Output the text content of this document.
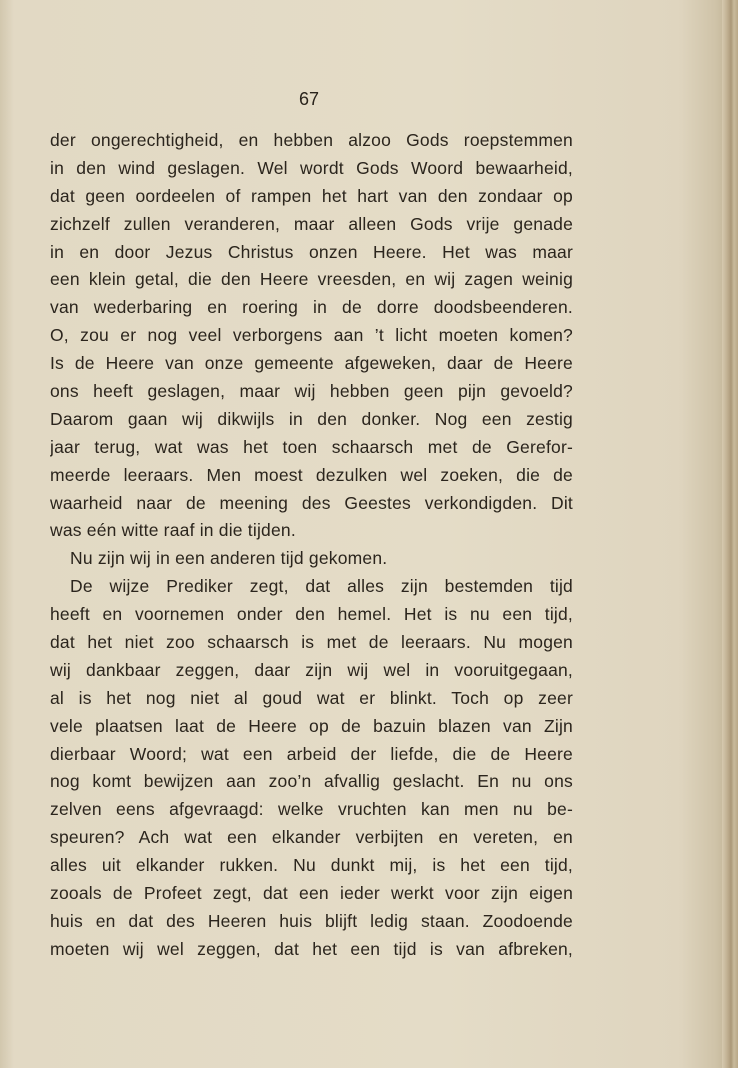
67
der ongerechtigheid, en hebben alzoo Gods roepstemmen
in den wind geslagen. Wel wordt Gods Woord bewaarheid,
dat geen oordeelen of rampen het hart van den zondaar op
zichzelf zullen veranderen, maar alleen Gods vrije genade
in en door Jezus Christus onzen Heere. Het was maar
een klein getal, die den Heere vreesden, en wij zagen weinig
van wederbaring en roering in de dorre doodsbeenderen.
O, zou er nog veel verborgens aan ’t licht moeten komen?
Is de Heere van onze gemeente afgeweken, daar de Heere
ons heeft geslagen, maar wij hebben geen pijn gevoeld?
Daarom gaan wij dikwijls in den donker. Nog een zestig
jaar terug, wat was het toen schaarsch met de Gerefor-
meerde leeraars. Men moest dezulken wel zoeken, die de
waarheid naar de meening des Geestes verkondigden. Dit
was eén witte raaf in die tijden.
Nu zijn wij in een anderen tijd gekomen.
De wijze Prediker zegt, dat alles zijn bestemden tijd
heeft en voornemen onder den hemel. Het is nu een tijd,
dat het niet zoo schaarsch is met de leeraars. Nu mogen
wij dankbaar zeggen, daar zijn wij wel in vooruitgegaan,
al is het nog niet al goud wat er blinkt. Toch op zeer
vele plaatsen laat de Heere op de bazuin blazen van Zijn
dierbaar Woord; wat een arbeid der liefde, die de Heere
nog komt bewijzen aan zoo’n afvallig geslacht. En nu ons
zelven eens afgevraagd: welke vruchten kan men nu be-
speuren? Ach wat een elkander verbijten en vereten, en
alles uit elkander rukken. Nu dunkt mij, is het een tijd,
zooals de Profeet zegt, dat een ieder werkt voor zijn eigen
huis en dat des Heeren huis blijft ledig staan. Zoodoende
moeten wij wel zeggen, dat het een tijd is van afbreken,
